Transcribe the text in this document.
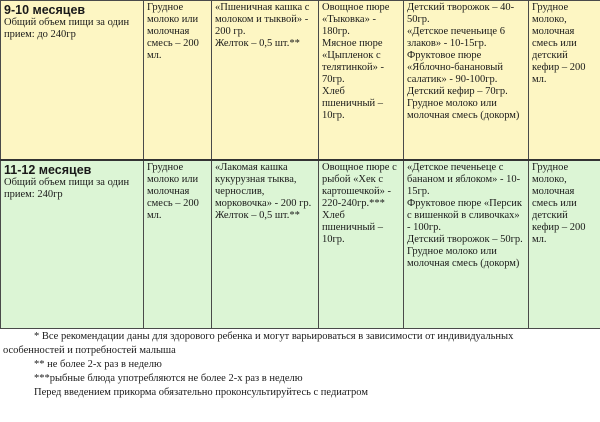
9-10 месяцев
Общий объем пищи за один прием: до 240гр	Грудное молоко или молочная смесь – 200 мл.	«Пшеничная кашка с молоком и тыквой» - 200 гр.
Желток – 0,5 шт.**	Овощное пюре «Тыковка» - 180гр.
Мясное пюре «Цыпленок с телятинкой» - 70гр.
Хлеб пшеничный – 10гр.	Детский творожок – 40-50гр.
«Детское печеньице 6 злаков» - 10-15гр.
Фруктовое пюре «Яблочно-банановый салатик» - 90-100гр.
Детский кефир – 70гр.
Грудное молоко или молочная смесь (докорм)	Грудное молоко, молочная смесь или детский кефир – 200 мл.

11-12 месяцев
Общий объем пищи за один прием: 240гр	Грудное молоко или молочная смесь – 200 мл.	«Лакомая кашка кукурузная тыква, чернослив, морковочка» - 200 гр.
Желток – 0,5 шт.**	Овощное пюре с рыбой «Хек с картошечкой» - 220-240гр.***
Хлеб пшеничный – 10гр.	«Детское печеньеце с бананом и яблоком» - 10-15гр.
Фруктовое пюре «Персик с вишенкой в сливочках» - 100гр.
Детский творожок – 50гр.
Грудное молоко или молочная смесь (докорм)	Грудное молоко, молочная смесь или детский кефир – 200 мл.
* Все рекомендации даны для здорового ребенка и могут варьироваться в зависимости от индивидуальных
особенностей и потребностей малыша
** не более 2-х раз в неделю
***рыбные блюда употребляются не более 2-х раз в неделю
Перед введением прикорма обязательно проконсультируйтесь с педиатром
